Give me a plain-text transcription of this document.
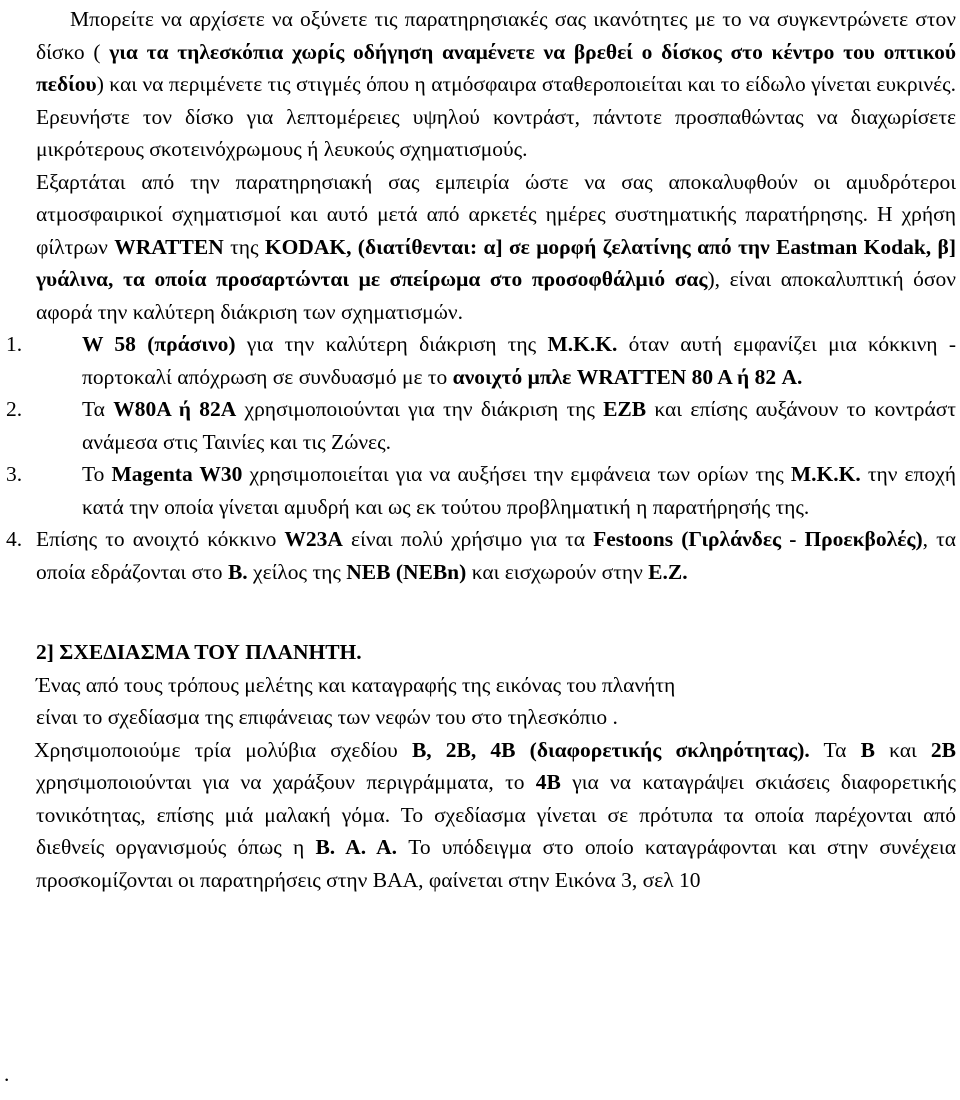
Μπορείτε να αρχίσετε να οξύνετε τις παρατηρησιακές σας ικανότητες με το να συγκεντρώνετε στον δίσκο ( για τα τηλεσκόπια χωρίς οδήγηση αναμένετε να βρεθεί ο δίσκος στο κέντρο του οπτικού πεδίου) και να περιμένετε τις στιγμές όπου η ατμόσφαιρα σταθεροποιείται και το είδωλο γίνεται ευκρινές. Ερευνήστε τον δίσκο για λεπτομέρειες υψηλού κοντράστ, πάντοτε προσπαθώντας να διαχωρίσετε μικρότερους σκοτεινόχρωμους ή λευκούς σχηματισμούς.

Εξαρτάται από την παρατηρησιακή σας εμπειρία ώστε να σας αποκαλυφθούν οι αμυδρότεροι ατμοσφαιρικοί σχηματισμοί και αυτό μετά από αρκετές ημέρες συστηματικής παρατήρησης. Η χρήση φίλτρων WRATTEN της KODAK, (διατίθενται: α] σε μορφή ζελατίνης από την Eastman Kodak, β] γυάλινα, τα οποία προσαρτώνται με σπείρωμα στο προσοφθάλμιό σας), είναι αποκαλυπτική όσον αφορά την καλύτερη διάκριση των σχηματισμών.

1.	W 58 (πράσινο) για την καλύτερη διάκριση της Μ.Κ.Κ. όταν αυτή εμφανίζει μια κόκκινη - πορτοκαλί απόχρωση σε συνδυασμό με το ανοιχτό μπλε WRATTEN 80 A ή 82 A.

2.	Τα W80A ή 82A χρησιμοποιούνται για την διάκριση της EZB και επίσης αυξάνουν το κοντράστ ανάμεσα στις Ταινίες και τις Ζώνες.

3.	Το Magenta W30 χρησιμοποιείται για να αυξήσει την εμφάνεια των ορίων της M.K.K. την εποχή κατά την οποία γίνεται αμυδρή και ως εκ τούτου προβληματική η παρατήρησής της.

4. Επίσης το ανοιχτό κόκκινο W23A είναι πολύ χρήσιμο για τα Festoons (Γιρλάνδες - Προεκβολές), τα οποία εδράζονται στο Β. χείλος της ΝΕΒ (NEBn) και εισχωρούν στην E.Z.

2] ΣΧΕΔΙΑΣΜΑ ΤΟΥ ΠΛΑΝΗΤΗ.

Ένας από τους τρόπους μελέτης και καταγραφής της εικόνας του πλανήτη

είναι το σχεδίασμα της επιφάνειας των νεφών του στο τηλεσκόπιο .

Χρησιμοποιούμε τρία μολύβια σχεδίου Β, 2Β, 4Β (διαφορετικής σκληρότητας). Τα Β και 2Β χρησιμοποιούνται για να χαράξουν περιγράμματα, το 4Β για να καταγράψει σκιάσεις διαφορετικής τονικότητας, επίσης μιά μαλακή γόμα. Το σχεδίασμα γίνεται σε πρότυπα τα οποία παρέχονται από διεθνείς οργανισμούς όπως η B. A. A. Το υπόδειγμα στο οποίο καταγράφονται και στην συνέχεια προσκομίζονται οι παρατηρήσεις στην ΒΑΑ, φαίνεται στην Εικόνα 3, σελ 10

.
